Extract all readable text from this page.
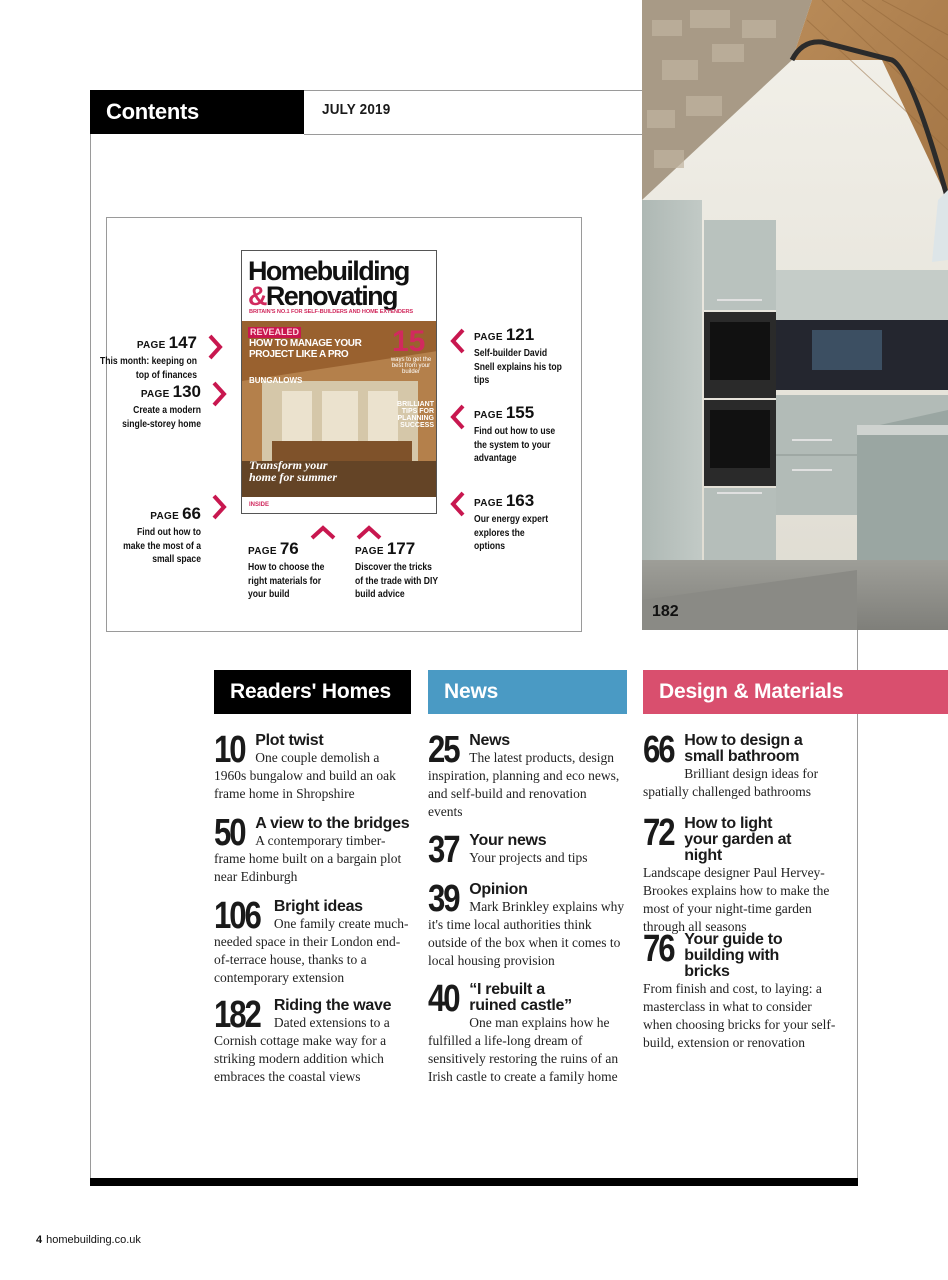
Contents	JULY 2019
182
Homebuilding
&Renovating
BRITAIN'S NO.1 FOR SELF-BUILDERS AND HOME EXTENDERS
REVEALED
HOW TO MANAGE YOUR
PROJECT LIKE A PRO
BUNGALOWS
15
ways to get the best from your builder
BRILLIANT TIPS FOR PLANNING SUCCESS
Transform your
home for summer
INSIDE
PAGE 147
This month: keeping on top of finances
PAGE 130
Create a modern single-storey home
PAGE 66
Find out how to make the most of a small space
PAGE 76
How to choose the right materials for your build
PAGE 177
Discover the tricks of the trade with DIY build advice
PAGE 121
Self-builder David Snell explains his top tips
PAGE 155
Find out how to use the system to your advantage
PAGE 163
Our energy expert explores the options
Readers' Homes	News	Design & Materials
10 Plot twist
One couple demolish a 1960s bungalow and build an oak frame home in Shropshire
50 A view to the bridges
A contemporary timber-frame home built on a bargain plot near Edinburgh
106 Bright ideas
One family create much-needed space in their London end-of-terrace house, thanks to a contemporary extension
182 Riding the wave
Dated extensions to a Cornish cottage make way for a striking modern addition which embraces the coastal views
25 News
The latest products, design inspiration, planning and eco news, and self-build and renovation events
37 Your news
Your projects and tips
39 Opinion
Mark Brinkley explains why it's time local authorities think outside of the box when it comes to local housing provision
40 “I rebuilt a ruined castle”
One man explains how he fulfilled a life-long dream of sensitively restoring the ruins of an Irish castle to create a family home
66 How to design a small bathroom
Brilliant design ideas for spatially challenged bathrooms
72 How to light your garden at night
Landscape designer Paul Hervey-Brookes explains how to make the most of your night-time garden through all seasons
76 Your guide to building with bricks
From finish and cost, to laying: a masterclass in what to consider when choosing bricks for your self-build, extension or renovation
4 homebuilding.co.uk
